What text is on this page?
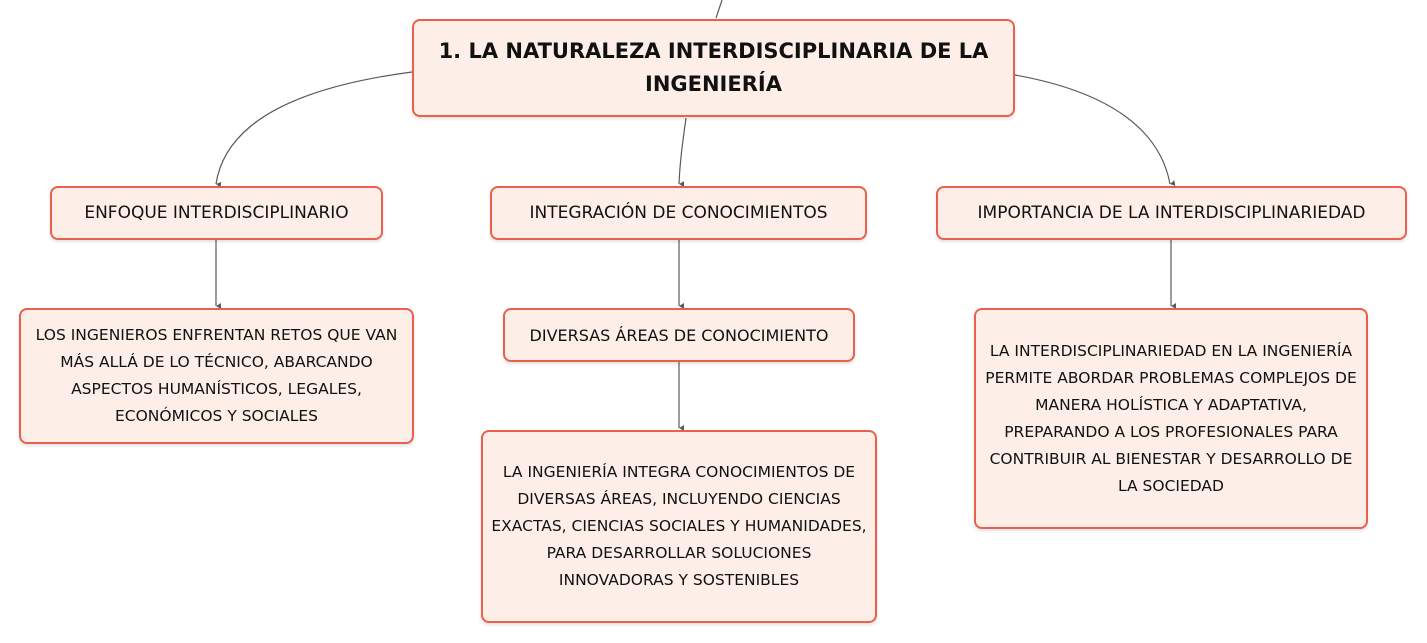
1. LA NATURALEZA INTERDISCIPLINARIA DE LA INGENIERÍA
ENFOQUE INTERDISCIPLINARIO	INTEGRACIÓN DE CONOCIMIENTOS	IMPORTANCIA DE LA INTERDISCIPLINARIEDAD
LOS INGENIEROS ENFRENTAN RETOS QUE VAN MÁS ALLÁ DE LO TÉCNICO, ABARCANDO ASPECTOS HUMANÍSTICOS, LEGALES, ECONÓMICOS Y SOCIALES
DIVERSAS ÁREAS DE CONOCIMIENTO
LA INGENIERÍA INTEGRA CONOCIMIENTOS DE DIVERSAS ÁREAS, INCLUYENDO CIENCIAS EXACTAS, CIENCIAS SOCIALES Y HUMANIDADES, PARA DESARROLLAR SOLUCIONES INNOVADORAS Y SOSTENIBLES
LA INTERDISCIPLINARIEDAD EN LA INGENIERÍA PERMITE ABORDAR PROBLEMAS COMPLEJOS DE MANERA HOLÍSTICA Y ADAPTATIVA, PREPARANDO A LOS PROFESIONALES PARA CONTRIBUIR AL BIENESTAR Y DESARROLLO DE LA SOCIEDAD
